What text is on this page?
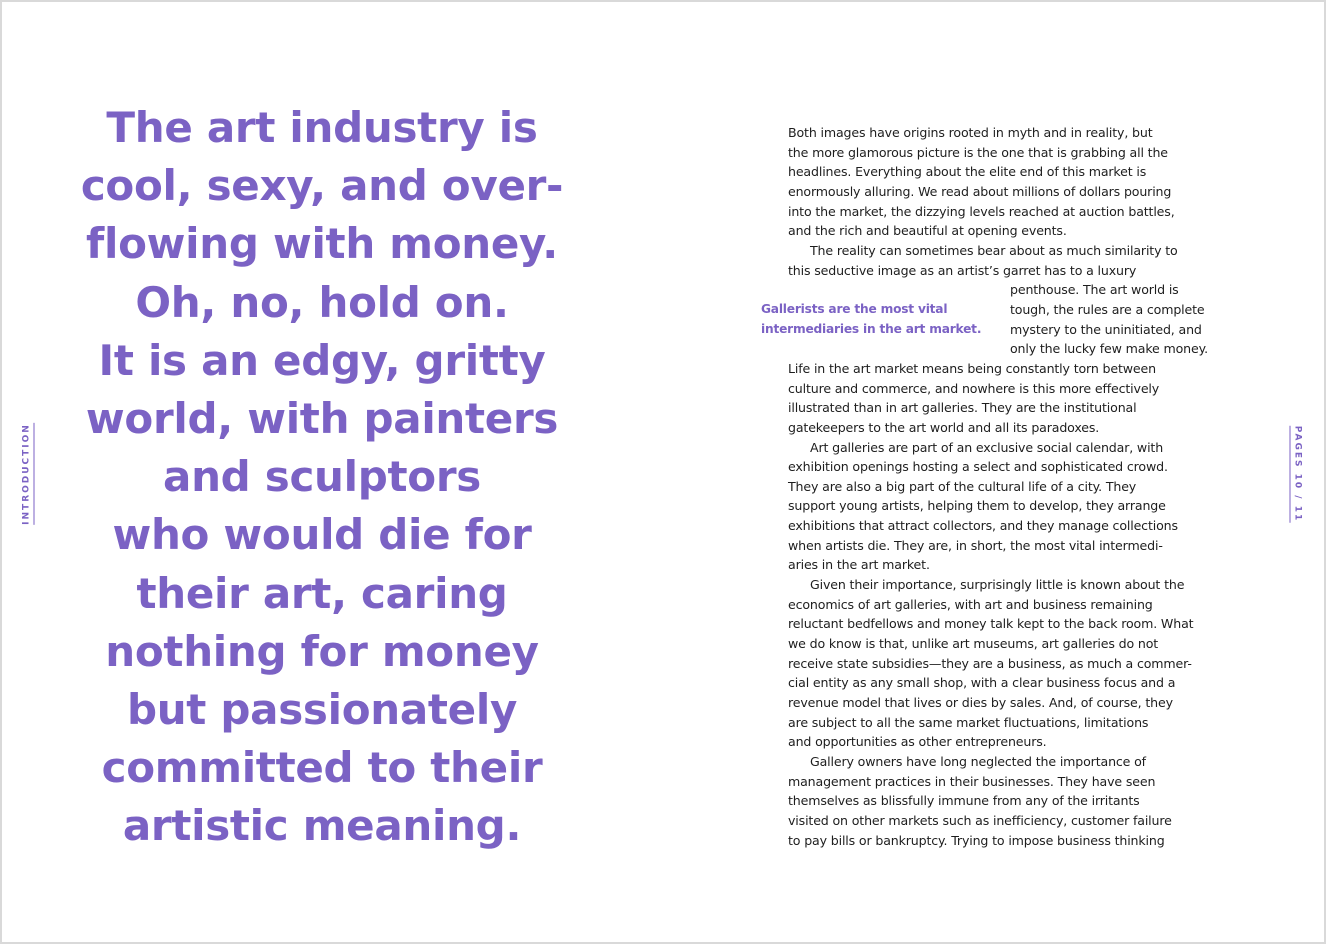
The art industry is
cool, sexy, and over-
flowing with money.
Oh, no, hold on.
It is an edgy, gritty
world, with painters
and sculptors
who would die for
their art, caring
nothing for money
but passionately
committed to their
artistic meaning.
INTRODUCTION	PAGES 10 / 11
Gallerists are the most vital
intermediaries in the art market.
Both images have origins rooted in myth and in reality, but
the more glamorous picture is the one that is grabbing all the
headlines. Everything about the elite end of this market is
enormously alluring. We read about millions of dollars pouring
into the market, the dizzying levels reached at auction battles,
and the rich and beautiful at opening events.
The reality can sometimes bear about as much similarity to
this seductive image as an artist’s garret has to a luxury
penthouse. The art world is
tough, the rules are a complete
mystery to the uninitiated, and
only the lucky few make money.
Life in the art market means being constantly torn between
culture and commerce, and nowhere is this more effectively
illustrated than in art galleries. They are the institutional
gatekeepers to the art world and all its paradoxes.
Art galleries are part of an exclusive social calendar, with
exhibition openings hosting a select and sophisticated crowd.
They are also a big part of the cultural life of a city. They
support young artists, helping them to develop, they arrange
exhibitions that attract collectors, and they manage collections
when artists die. They are, in short, the most vital intermedi-
aries in the art market.
Given their importance, surprisingly little is known about the
economics of art galleries, with art and business remaining
reluctant bedfellows and money talk kept to the back room. What
we do know is that, unlike art museums, art galleries do not
receive state subsidies—they are a business, as much a commer-
cial entity as any small shop, with a clear business focus and a
revenue model that lives or dies by sales. And, of course, they
are subject to all the same market fluctuations, limitations
and opportunities as other entrepreneurs.
Gallery owners have long neglected the importance of
management practices in their businesses. They have seen
themselves as blissfully immune from any of the irritants
visited on other markets such as inefficiency, customer failure
to pay bills or bankruptcy. Trying to impose business thinking
